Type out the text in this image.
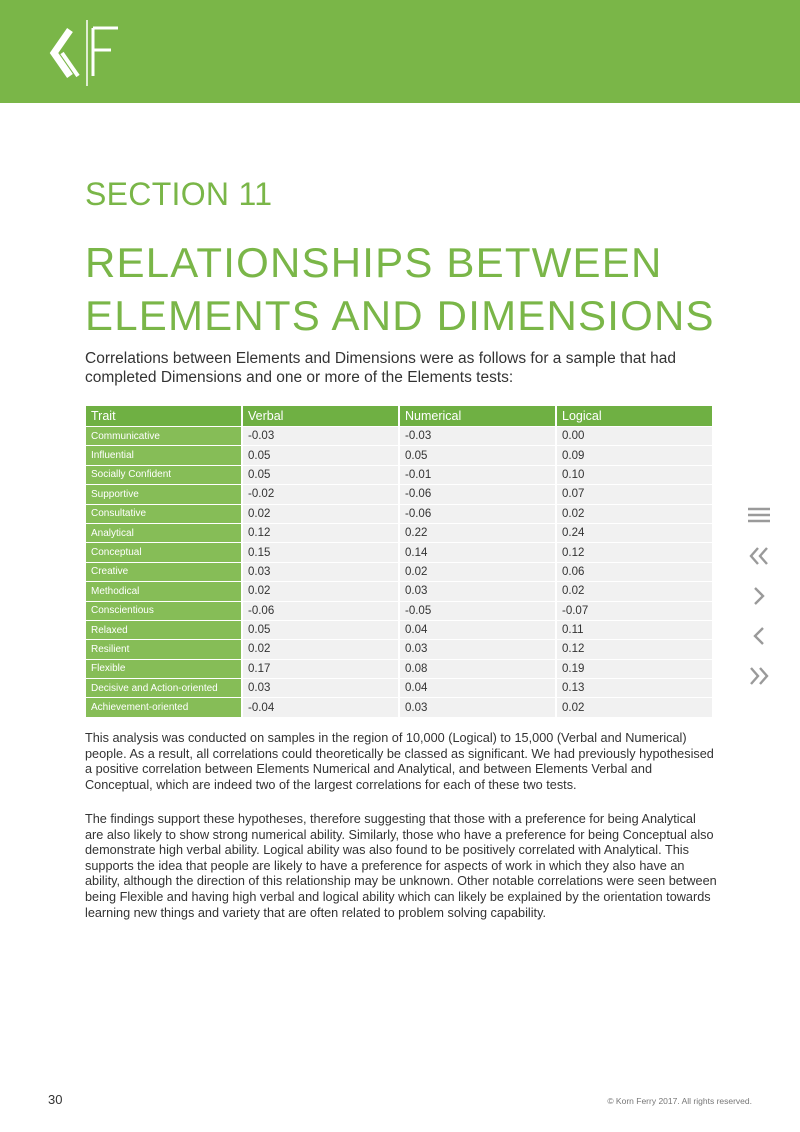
SECTION 11
RELATIONSHIPS BETWEEN ELEMENTS AND DIMENSIONS
Correlations between Elements and Dimensions were as follows for a sample that had completed Dimensions and one or more of the Elements tests:
Trait	Verbal	Numerical	Logical
Communicative	-0.03	-0.03	0.00
Influential	0.05	0.05	0.09
Socially Confident	0.05	-0.01	0.10
Supportive	-0.02	-0.06	0.07
Consultative	0.02	-0.06	0.02
Analytical	0.12	0.22	0.24
Conceptual	0.15	0.14	0.12
Creative	0.03	0.02	0.06
Methodical	0.02	0.03	0.02
Conscientious	-0.06	-0.05	-0.07
Relaxed	0.05	0.04	0.11
Resilient	0.02	0.03	0.12
Flexible	0.17	0.08	0.19
Decisive and Action-oriented	0.03	0.04	0.13
Achievement-oriented	-0.04	0.03	0.02
This analysis was conducted on samples in the region of 10,000 (Logical) to 15,000 (Verbal and Numerical) people. As a result, all correlations could theoretically be classed as significant. We had previously hypothesised a positive correlation between Elements Numerical and Analytical, and between Elements Verbal and Conceptual, which are indeed two of the largest correlations for each of these two tests.
The findings support these hypotheses, therefore suggesting that those with a preference for being Analytical are also likely to show strong numerical ability. Similarly, those who have a preference for being Conceptual also demonstrate high verbal ability. Logical ability was also found to be positively correlated with Analytical. This supports the idea that people are likely to have a preference for aspects of work in which they also have an ability, although the direction of this relationship may be unknown. Other notable correlations were seen between being Flexible and having high verbal and logical ability which can likely be explained by the orientation towards learning new things and variety that are often related to problem solving capability.
30	© Korn Ferry 2017. All rights reserved.
